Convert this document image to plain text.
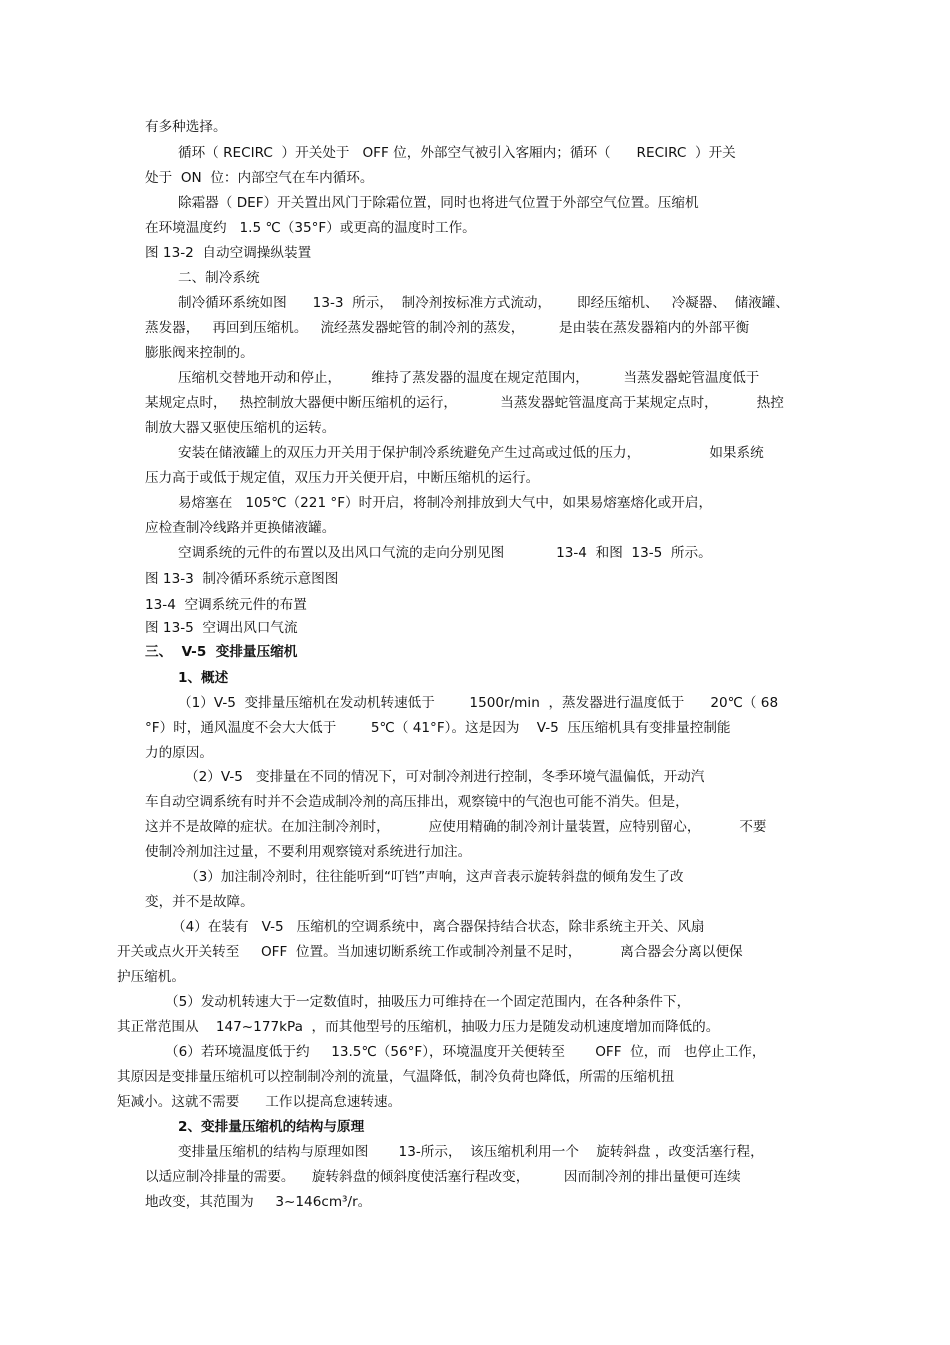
有多种选择。

循环（ RECIRC  ）开关处于   OFF 位，外部空气被引入客厢内；循环（      RECIRC  ）开关

处于  ON  位：内部空气在车内循环。

除霜器（ DEF）开关置出风门于除霜位置，同时也将进气位置于外部空气位置。压缩机

在环境温度约   1.5 ℃（35°F）或更高的温度时工作。

图 13-2  自动空调操纵装置

二、制冷系统

制冷循环系统如图      13-3  所示，  制冷剂按标准方式流动，      即经压缩机、   冷凝器、  储液罐、

蒸发器，   再回到压缩机。   流经蒸发器蛇管的制冷剂的蒸发，        是由装在蒸发器箱内的外部平衡

膨胀阀来控制的。

压缩机交替地开动和停止，       维持了蒸发器的温度在规定范围内，        当蒸发器蛇管温度低于

某规定点时，   热控制放大器便中断压缩机的运行，          当蒸发器蛇管温度高于某规定点时，         热控

制放大器又驱使压缩机的运转。

安装在储液罐上的双压力开关用于保护制冷系统避免产生过高或过低的压力，                如果系统

压力高于或低于规定值，双压力开关便开启，中断压缩机的运行。

易熔塞在   105℃（221 °F）时开启，将制冷剂排放到大气中，如果易熔塞熔化或开启，

应检查制冷线路并更换储液罐。

空调系统的元件的布置以及出风口气流的走向分别见图            13-4  和图  13-5  所示。

图 13-3  制冷循环系统示意图图

13-4  空调系统元件的布置

图 13-5  空调出风口气流

三、  V-5  变排量压缩机

1、概述

（1）V-5  变排量压缩机在发动机转速低于        1500r/min  ，蒸发器进行温度低于      20℃（ 68

°F）时，通风温度不会大大低于        5℃（ 41°F）。这是因为    V-5  压压缩机具有变排量控制能

力的原因。

（2）V-5   变排量在不同的情况下，可对制冷剂进行控制，冬季环境气温偏低，开动汽

车自动空调系统有时并不会造成制冷剂的高压排出，观察镜中的气泡也可能不消失。但是，

这并不是故障的症状。在加注制冷剂时，         应使用精确的制冷剂计量装置，应特别留心，         不要

使制冷剂加注过量，不要利用观察镜对系统进行加注。

（3）加注制冷剂时，往往能听到“叮铛”声响，这声音表示旋转斜盘的倾角发生了改

变，并不是故障。

（4）在装有   V-5   压缩机的空调系统中，离合器保持结合状态，除非系统主开关、风扇

开关或点火开关转至     OFF  位置。当加速切断系统工作或制冷剂量不足时，         离合器会分离以便保

护压缩机。

（5）发动机转速大于一定数值时，抽吸压力可维持在一个固定范围内，在各种条件下，

其正常范围从    147~177kPa  ，而其他型号的压缩机，抽吸力压力是随发动机速度增加而降低的。

（6）若环境温度低于约     13.5℃（56°F），环境温度开关便转至       OFF  位，而   也停止工作，

其原因是变排量压缩机可以控制制冷剂的流量，气温降低，制冷负荷也降低，所需的压缩机扭

矩减小。这就不需要      工作以提高怠速转速。

2、变排量压缩机的结构与原理

变排量压缩机的结构与原理如图       13-所示，  该压缩机利用一个    旋转斜盘 ，改变活塞行程，

以适应制冷排量的需要。    旋转斜盘的倾斜度使活塞行程改变，        因而制冷剂的排出量便可连续

地改变，其范围为     3~146cm³/r。
